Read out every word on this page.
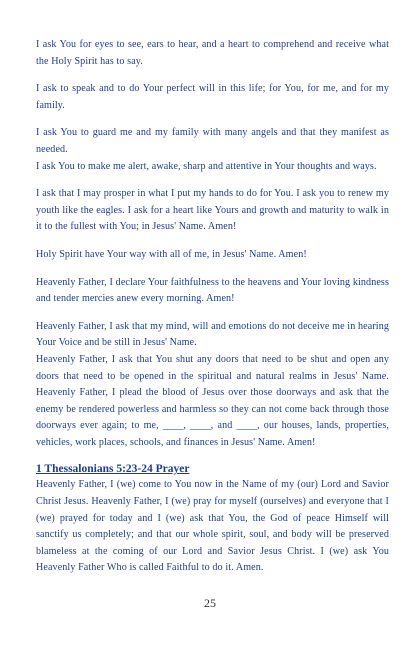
I ask You for eyes to see, ears to hear, and a heart to comprehend and receive what the Holy Spirit has to say.

I ask to speak and to do Your perfect will in this life; for You, for me, and for my family.

I ask You to guard me and my family with many angels and that they manifest as needed.

I ask You to make me alert, awake, sharp and attentive in Your thoughts and ways.

I ask that I may prosper in what I put my hands to do for You. I ask you to renew my youth like the eagles. I ask for a heart like Yours and growth and maturity to walk in it to the fullest with You; in Jesus' Name. Amen!

Holy Spirit have Your way with all of me, in Jesus' Name. Amen!

Heavenly Father, I declare Your faithfulness to the heavens and Your loving kindness and tender mercies anew every morning. Amen!

Heavenly Father, I ask that my mind, will and emotions do not deceive me in hearing Your Voice and be still in Jesus' Name.

Heavenly Father, I ask that You shut any doors that need to be shut and open any doors that need to be opened in the spiritual and natural realms in Jesus' Name. Heavenly Father, I plead the blood of Jesus over those doorways and ask that the enemy be rendered powerless and harmless so they can not come back through those doorways ever again; to me, ____, ____, and ____, our houses, lands, properties, vehicles, work places, schools, and finances in Jesus' Name. Amen!

1 Thessalonians 5:23-24 Prayer

Heavenly Father, I (we) come to You now in the Name of my (our) Lord and Savior Christ Jesus. Heavenly Father, I (we) pray for myself (ourselves) and everyone that I (we) prayed for today and I (we) ask that You, the God of peace Himself will sanctify us completely; and that our whole spirit, soul, and body will be preserved blameless at the coming of our Lord and Savior Jesus Christ. I (we) ask You Heavenly Father Who is called Faithful to do it. Amen.

25
